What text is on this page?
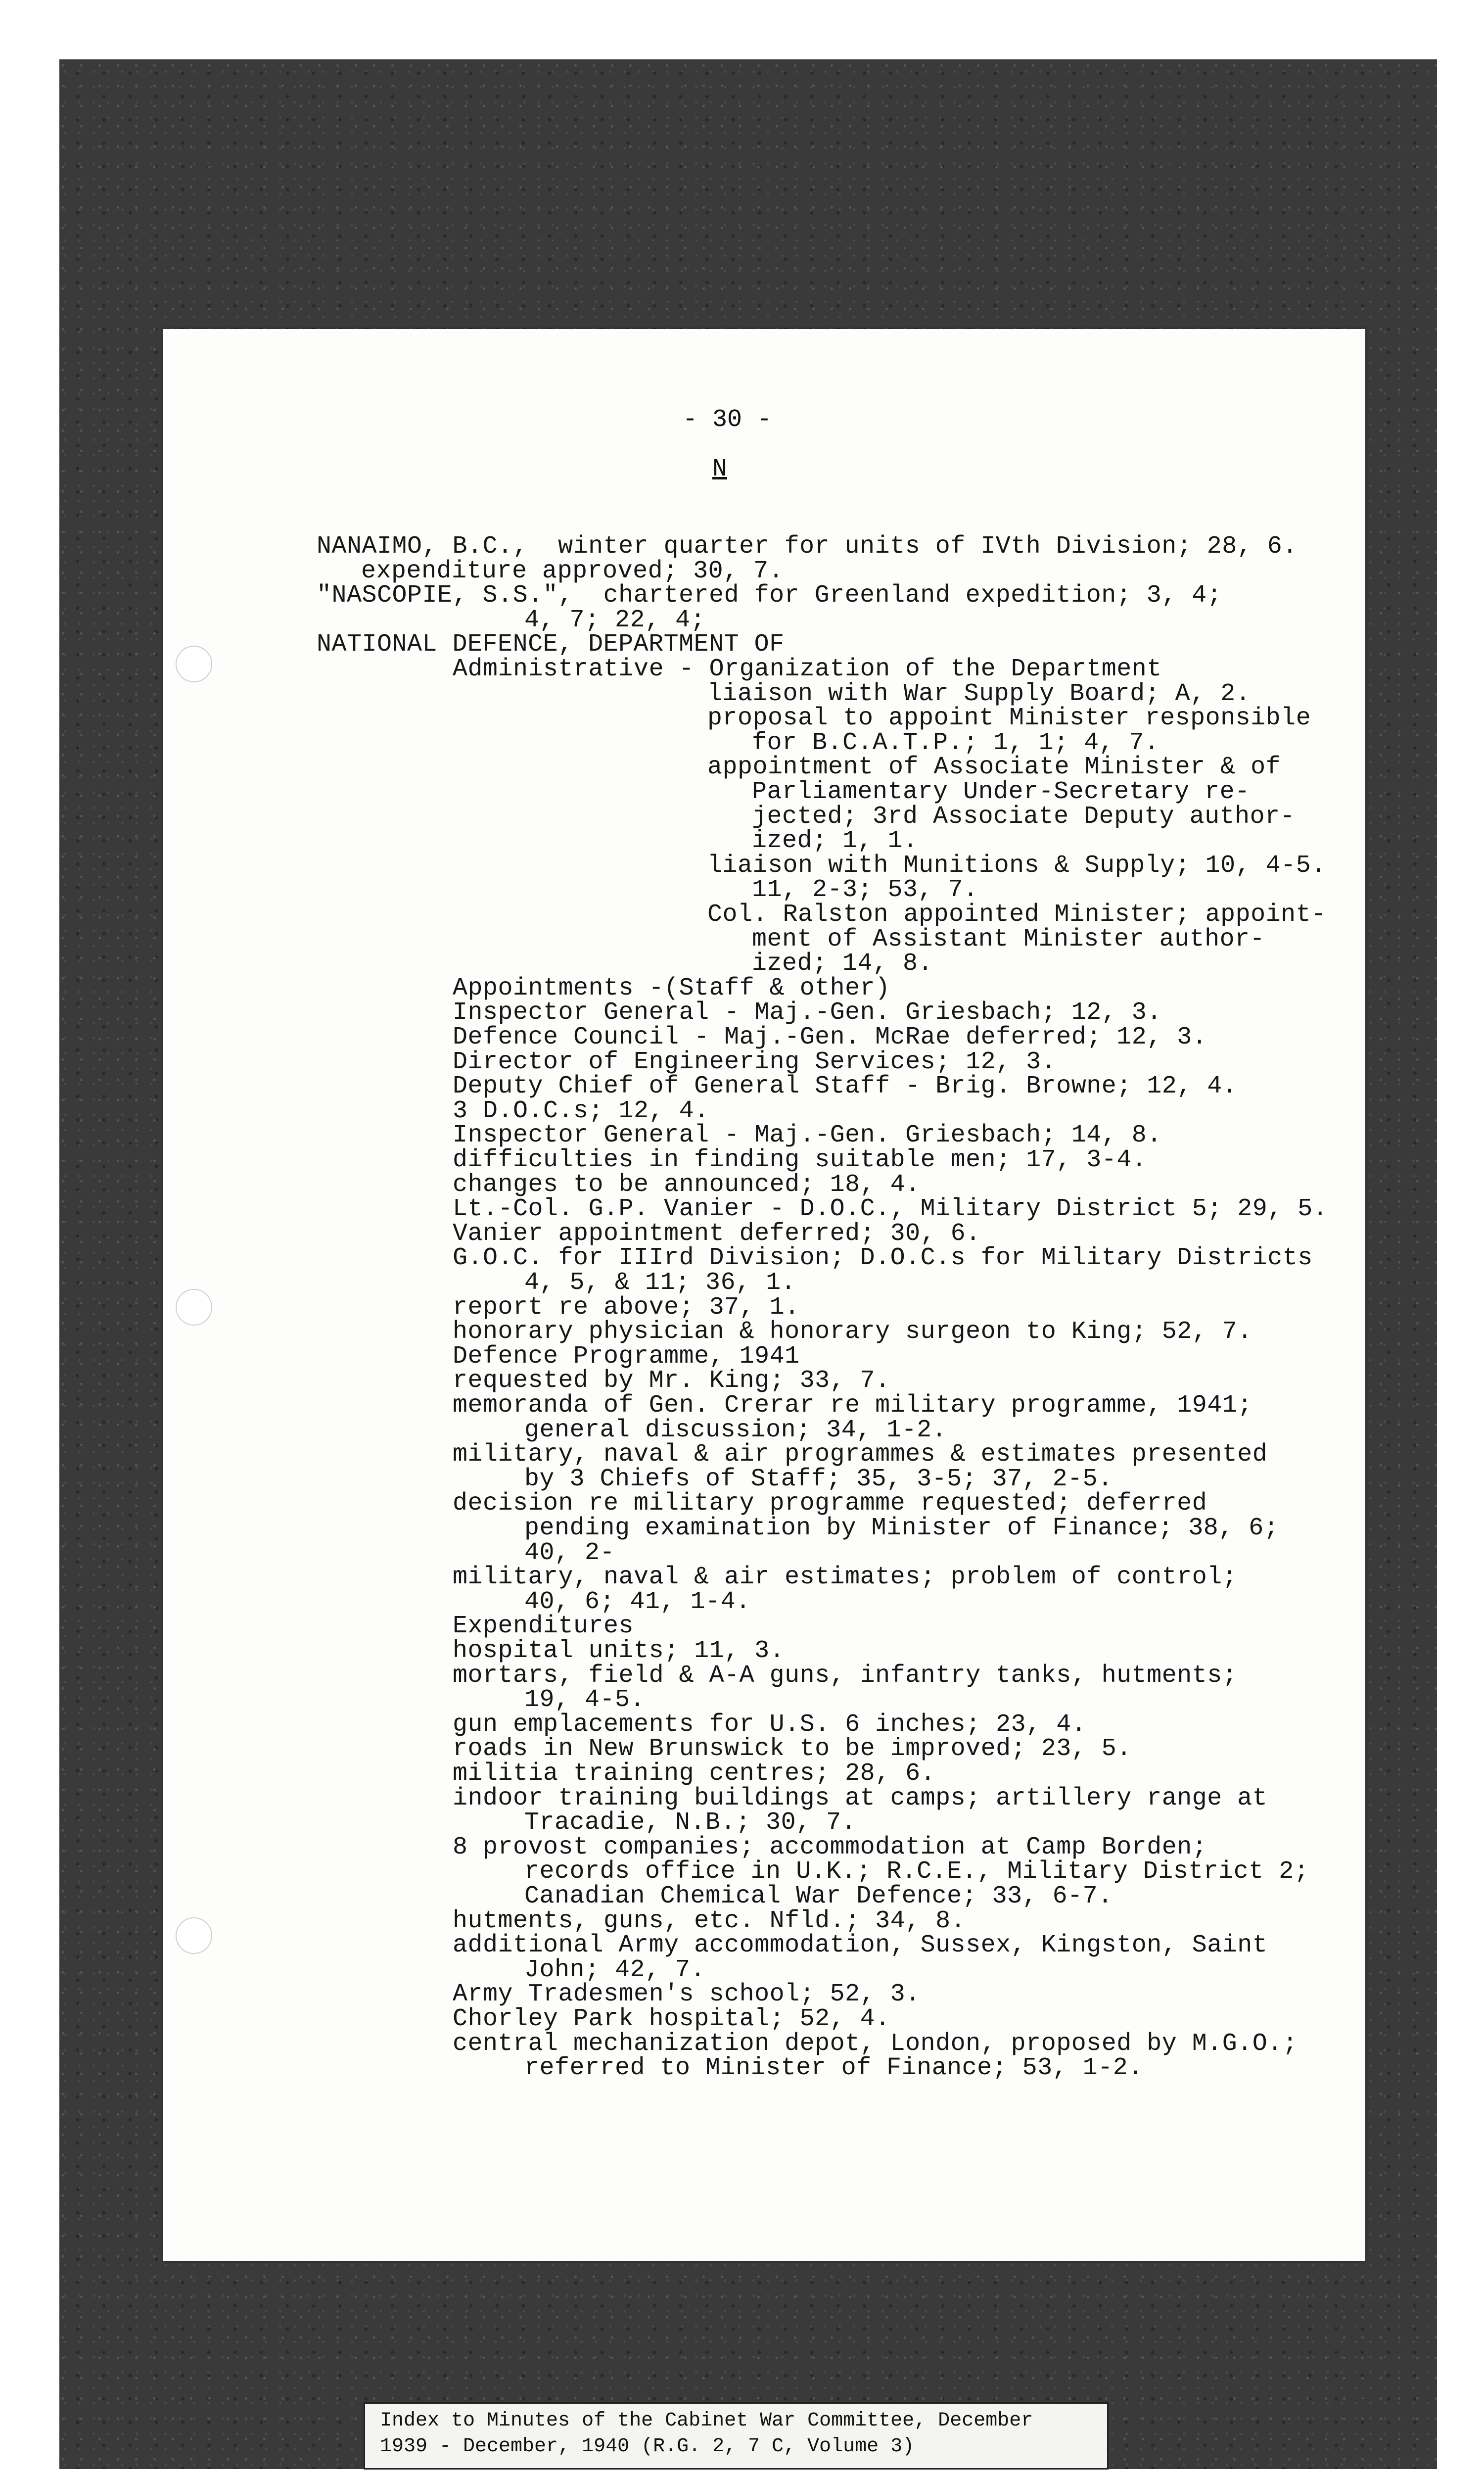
- 30 -
N
NANAIMO, B.C.,  winter quarter for units of IVth Division; 28, 6.
expenditure approved; 30, 7.
"NASCOPIE, S.S.",  chartered for Greenland expedition; 3, 4;
4, 7; 22, 4;
NATIONAL DEFENCE, DEPARTMENT OF
Administrative - Organization of the Department
liaison with War Supply Board; A, 2.
proposal to appoint Minister responsible
for B.C.A.T.P.; 1, 1; 4, 7.
appointment of Associate Minister & of
Parliamentary Under-Secretary re-
jected; 3rd Associate Deputy author-
ized; 1, 1.
liaison with Munitions & Supply; 10, 4-5.
11, 2-3; 53, 7.
Col. Ralston appointed Minister; appoint-
ment of Assistant Minister author-
ized; 14, 8.
Appointments -(Staff & other)
Inspector General - Maj.-Gen. Griesbach; 12, 3.
Defence Council - Maj.-Gen. McRae deferred; 12, 3.
Director of Engineering Services; 12, 3.
Deputy Chief of General Staff - Brig. Browne; 12, 4.
3 D.O.C.s; 12, 4.
Inspector General - Maj.-Gen. Griesbach; 14, 8.
difficulties in finding suitable men; 17, 3-4.
changes to be announced; 18, 4.
Lt.-Col. G.P. Vanier - D.O.C., Military District 5; 29, 5.
Vanier appointment deferred; 30, 6.
G.O.C. for IIIrd Division; D.O.C.s for Military Districts
4, 5, & 11; 36, 1.
report re above; 37, 1.
honorary physician & honorary surgeon to King; 52, 7.
Defence Programme, 1941
requested by Mr. King; 33, 7.
memoranda of Gen. Crerar re military programme, 1941;
general discussion; 34, 1-2.
military, naval & air programmes & estimates presented
by 3 Chiefs of Staff; 35, 3-5; 37, 2-5.
decision re military programme requested; deferred
pending examination by Minister of Finance; 38, 6;
40, 2-
military, naval & air estimates; problem of control;
40, 6; 41, 1-4.
Expenditures
hospital units; 11, 3.
mortars, field & A-A guns, infantry tanks, hutments;
19, 4-5.
gun emplacements for U.S. 6 inches; 23, 4.
roads in New Brunswick to be improved; 23, 5.
militia training centres; 28, 6.
indoor training buildings at camps; artillery range at
Tracadie, N.B.; 30, 7.
8 provost companies; accommodation at Camp Borden;
records office in U.K.; R.C.E., Military District 2;
Canadian Chemical War Defence; 33, 6-7.
hutments, guns, etc. Nfld.; 34, 8.
additional Army accommodation, Sussex, Kingston, Saint
John; 42, 7.
Army Tradesmen's school; 52, 3.
Chorley Park hospital; 52, 4.
central mechanization depot, London, proposed by M.G.O.;
referred to Minister of Finance; 53, 1-2.
Index to Minutes of the Cabinet War Committee, December
1939 - December, 1940 (R.G. 2, 7 C, Volume 3)
